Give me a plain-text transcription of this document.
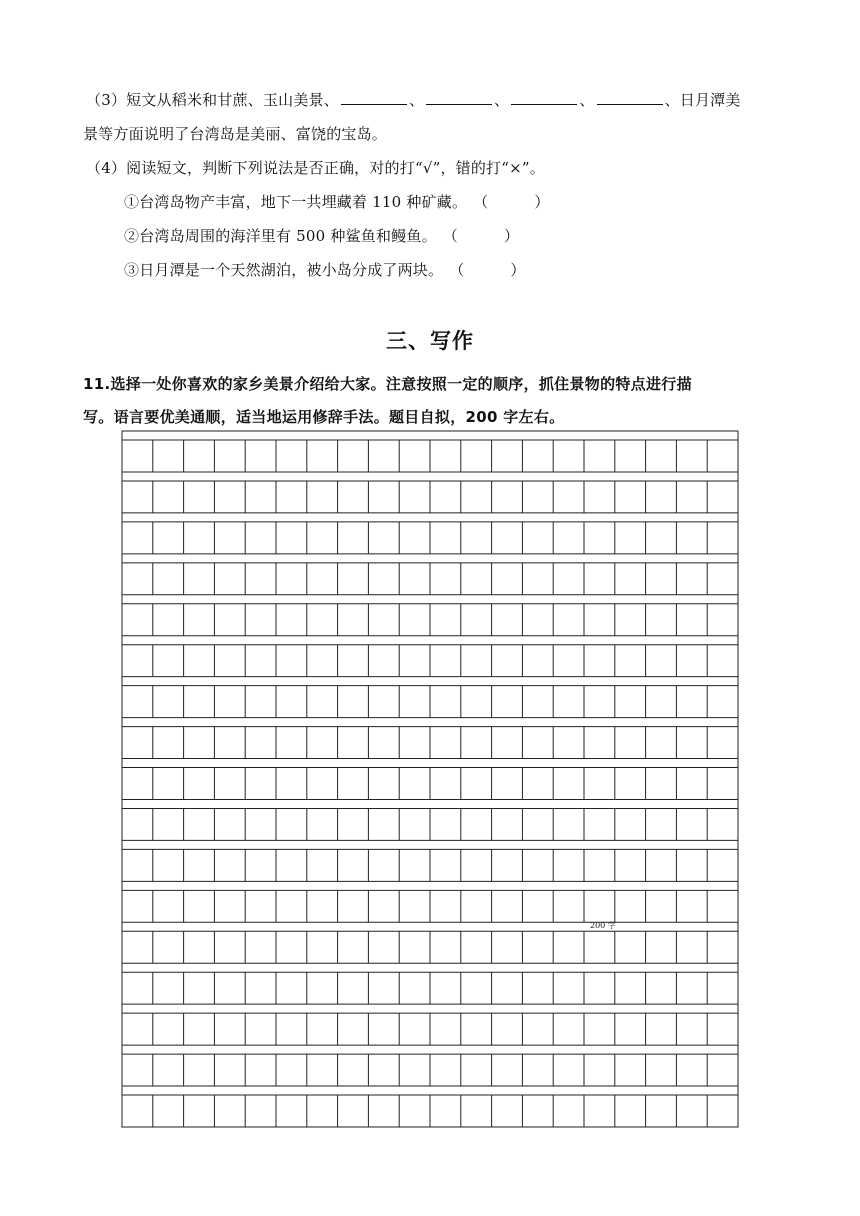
（3）短文从稻米和甘蔗、玉山美景、	、	、	、	、日月潭美
景等方面说明了台湾岛是美丽、富饶的宝岛。
（4）阅读短文，判断下列说法是否正确，对的打“√”，错的打“×”。
①台湾岛物产丰富，地下一共埋藏着 110 种矿藏。 （	）
②台湾岛周围的海洋里有 500 种鲨鱼和鳗鱼。 （	）
③日月潭是一个天然湖泊，被小岛分成了两块。 （	）
三、写作
11.选择一处你喜欢的家乡美景介绍给大家。注意按照一定的顺序，抓住景物的特点进行描
写。语言要优美通顺，适当地运用修辞手法。题目自拟，200 字左右。
200 字
